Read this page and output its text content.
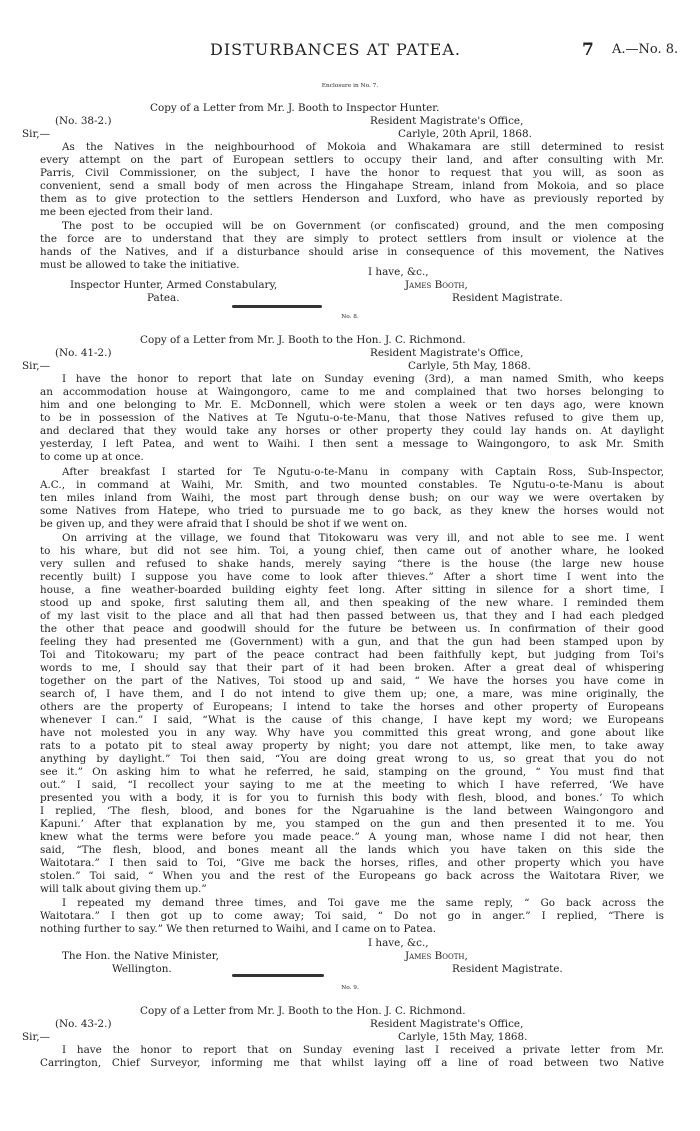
DISTURBANCES AT PATEA.	7 A.—No. 8.
Enclosure in No. 7.
Copy of a Letter from Mr. J. Booth to Inspector Hunter.
(No. 38-2.)	Resident Magistrate's Office,
Sir,—	Carlyle, 20th April, 1868.
As the Natives in the neighbourhood of Mokoia and Whakamara are still determined to resist
every attempt on the part of European settlers to occupy their land, and after consulting with Mr.
Parris, Civil Commissioner, on the subject, I have the honor to request that you will, as soon as
convenient, send a small body of men across the Hingahape Stream, inland from Mokoia, and so place
them as to give protection to the settlers Henderson and Luxford, who have as previously reported by
me been ejected from their land.
The post to be occupied will be on Government (or confiscated) ground, and the men composing
the force are to understand that they are simply to protect settlers from insult or violence at the
hands of the Natives, and if a disturbance should arise in consequence of this movement, the Natives
must be allowed to take the initiative.
I have, &c.,
Inspector Hunter, Armed Constabulary,	James Booth,
Patea.	Resident Magistrate.
No. 8.
Copy of a Letter from Mr. J. Booth to the Hon. J. C. Richmond.
(No. 41-2.)	Resident Magistrate's Office,
Sir,—	Carlyle, 5th May, 1868.
I have the honor to report that late on Sunday evening (3rd), a man named Smith, who keeps
an accommodation house at Waingongoro, came to me and complained that two horses belonging to
him and one belonging to Mr. E. McDonnell, which were stolen a week or ten days ago, were known
to be in possession of the Natives at Te Ngutu-o-te-Manu, that those Natives refused to give them up,
and declared that they would take any horses or other property they could lay hands on. At daylight
yesterday, I left Patea, and went to Waihi. I then sent a message to Waingongoro, to ask Mr. Smith
to come up at once.
After breakfast I started for Te Ngutu-o-te-Manu in company with Captain Ross, Sub-Inspector,
A.C., in command at Waihi, Mr. Smith, and two mounted constables. Te Ngutu-o-te-Manu is about
ten miles inland from Waihi, the most part through dense bush; on our way we were overtaken by
some Natives from Hatepe, who tried to pursuade me to go back, as they knew the horses would not
be given up, and they were afraid that I should be shot if we went on.
On arriving at the village, we found that Titokowaru was very ill, and not able to see me. I went
to his whare, but did not see him. Toi, a young chief, then came out of another whare, he looked
very sullen and refused to shake hands, merely saying “there is the house (the large new house
recently built) I suppose you have come to look after thieves.” After a short time I went into the
house, a fine weather-boarded building eighty feet long. After sitting in silence for a short time, I
stood up and spoke, first saluting them all, and then speaking of the new whare. I reminded them
of my last visit to the place and all that had then passed between us, that they and I had each pledged
the other that peace and goodwill should for the future be between us. In confirmation of their good
feeling they had presented me (Government) with a gun, and that the gun had been stamped upon by
Toi and Titokowaru; my part of the peace contract had been faithfully kept, but judging from Toi's
words to me, I should say that their part of it had been broken. After a great deal of whispering
together on the part of the Natives, Toi stood up and said, “ We have the horses you have come in
search of, I have them, and I do not intend to give them up; one, a mare, was mine originally, the
others are the property of Europeans; I intend to take the horses and other property of Europeans
whenever I can.” I said, “What is the cause of this change, I have kept my word; we Europeans
have not molested you in any way. Why have you committed this great wrong, and gone about like
rats to a potato pit to steal away property by night; you dare not attempt, like men, to take away
anything by daylight.” Toi then said, “You are doing great wrong to us, so great that you do not
see it.” On asking him to what he referred, he said, stamping on the ground, “ You must find that
out.” I said, “I recollect your saying to me at the meeting to which I have referred, ‘We have
presented you with a body, it is for you to furnish this body with flesh, blood, and bones.’ To which
I replied, ‘The flesh, blood, and bones for the Ngaruahine is the land between Waingongoro and
Kapuni.’ After that explanation by me, you stamped on the gun and then presented it to me. You
knew what the terms were before you made peace.” A young man, whose name I did not hear, then
said, “The flesh, blood, and bones meant all the lands which you have taken on this side the
Waitotara.” I then said to Toi, “Give me back the horses, rifles, and other property which you have
stolen.” Toi said, “ When you and the rest of the Europeans go back across the Waitotara River, we
will talk about giving them up.”
I repeated my demand three times, and Toi gave me the same reply, “ Go back across the
Waitotara.” I then got up to come away; Toi said, “ Do not go in anger.” I replied, “There is
nothing further to say.” We then returned to Waihi, and I came on to Patea.
I have, &c.,
The Hon. the Native Minister,	James Booth,
Wellington.	Resident Magistrate.
No. 9.
Copy of a Letter from Mr. J. Booth to the Hon. J. C. Richmond.
(No. 43-2.)	Resident Magistrate's Office,
Sir,—	Carlyle, 15th May, 1868.
I have the honor to report that on Sunday evening last I received a private letter from Mr.
Carrington, Chief Surveyor, informing me that whilst laying off a line of road between two Native
